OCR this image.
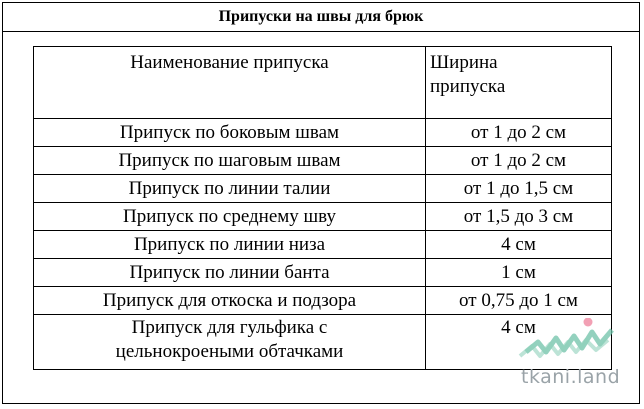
Припуски на швы для брюк
Наименование припуска	Ширина
припуска

Припуск по боковым швам	от 1 до 2 см
Припуск по шаговым швам	от 1 до 2 см
Припуск по линии талии	от 1 до 1,5 см
Припуск по среднему шву	от 1,5 до 3 см
Припуск по линии низа	4 см
Припуск по линии банта	1 см
Припуск для откоска и подзора	от 0,75 до 1 см
Припуск для гульфика с
цельнокроеными обтачками	4 см
tkani.land
